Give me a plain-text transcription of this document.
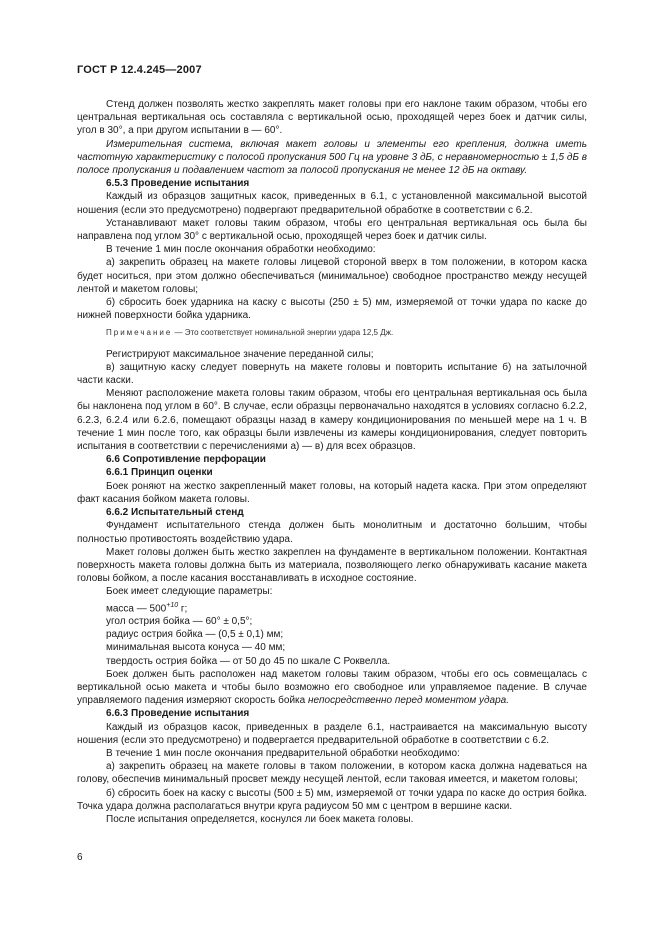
ГОСТ Р 12.4.245—2007

Стенд должен позволять жестко закреплять макет головы при его наклоне таким образом, чтобы его центральная вертикальная ось составляла с вертикальной осью, проходящей через боек и датчик силы, угол в 30°, а при другом испытании в — 60°.

Измерительная система, включая макет головы и элементы его крепления, должна иметь частотную характеристику с полосой пропускания 500 Гц на уровне 3 дБ, с неравномерностью ± 1,5 дБ в полосе пропускания и подавлением частот за полосой пропускания не менее 12 дБ на октаву.

6.5.3 Проведение испытания

Каждый из образцов защитных касок, приведенных в 6.1, с установленной максимальной высотой ношения (если это предусмотрено) подвергают предварительной обработке в соответствии с 6.2.

Устанавливают макет головы таким образом, чтобы его центральная вертикальная ось была бы направлена под углом 30° с вертикальной осью, проходящей через боек и датчик силы.

В течение 1 мин после окончания обработки необходимо:

а) закрепить образец на макете головы лицевой стороной вверх в том положении, в котором каска будет носиться, при этом должно обеспечиваться (минимальное) свободное пространство между несущей лентой и макетом головы;

б) сбросить боек ударника на каску с высоты (250 ± 5) мм, измеряемой от точки удара по каске до нижней поверхности бойка ударника.

Примечание — Это соответствует номинальной энергии удара 12,5 Дж.

Регистрируют максимальное значение переданной силы;

в) защитную каску следует повернуть на макете головы и повторить испытание б) на затылочной части каски.

Меняют расположение макета головы таким образом, чтобы его центральная вертикальная ось была бы наклонена под углом в 60°. В случае, если образцы первоначально находятся в условиях согласно 6.2.2, 6.2.3, 6.2.4 или 6.2.6, помещают образцы назад в камеру кондиционирования по меньшей мере на 1 ч. В течение 1 мин после того, как образцы были извлечены из камеры кондиционирования, следует повторить испытания в соответствии с перечислениями а) — в) для всех образцов.

6.6 Сопротивление перфорации

6.6.1 Принцип оценки

Боек роняют на жестко закрепленный макет головы, на который надета каска. При этом определяют факт касания бойком макета головы.

6.6.2 Испытательный стенд

Фундамент испытательного стенда должен быть монолитным и достаточно большим, чтобы полностью противостоять воздействию удара.

Макет головы должен быть жестко закреплен на фундаменте в вертикальном положении. Контактная поверхность макета головы должна быть из материала, позволяющего легко обнаруживать касание макета головы бойком, а после касания восстанавливать в исходное состояние.

Боек имеет следующие параметры:

масса — $500^{+10}$ г;

угол острия бойка — 60° ± 0,5°;

радиус острия бойка — (0,5 ± 0,1) мм;

минимальная высота конуса — 40 мм;

твердость острия бойка — от 50 до 45 по шкале С Роквелла.

Боек должен быть расположен над макетом головы таким образом, чтобы его ось совмещалась с вертикальной осью макета и чтобы было возможно его свободное или управляемое падение. В случае управляемого падения измеряют скорость бойка непосредственно перед моментом удара.

6.6.3 Проведение испытания

Каждый из образцов касок, приведенных в разделе 6.1, настраивается на максимальную высоту ношения (если это предусмотрено) и подвергается предварительной обработке в соответствии с 6.2.

В течение 1 мин после окончания предварительной обработки необходимо:

а) закрепить образец на макете головы в таком положении, в котором каска должна надеваться на голову, обеспечив минимальный просвет между несущей лентой, если таковая имеется, и макетом головы;

б) сбросить боек на каску с высоты (500 ± 5) мм, измеряемой от точки удара по каске до острия бойка. Точка удара должна располагаться внутри круга радиусом 50 мм с центром в вершине каски.

После испытания определяется, коснулся ли боек макета головы.

6
